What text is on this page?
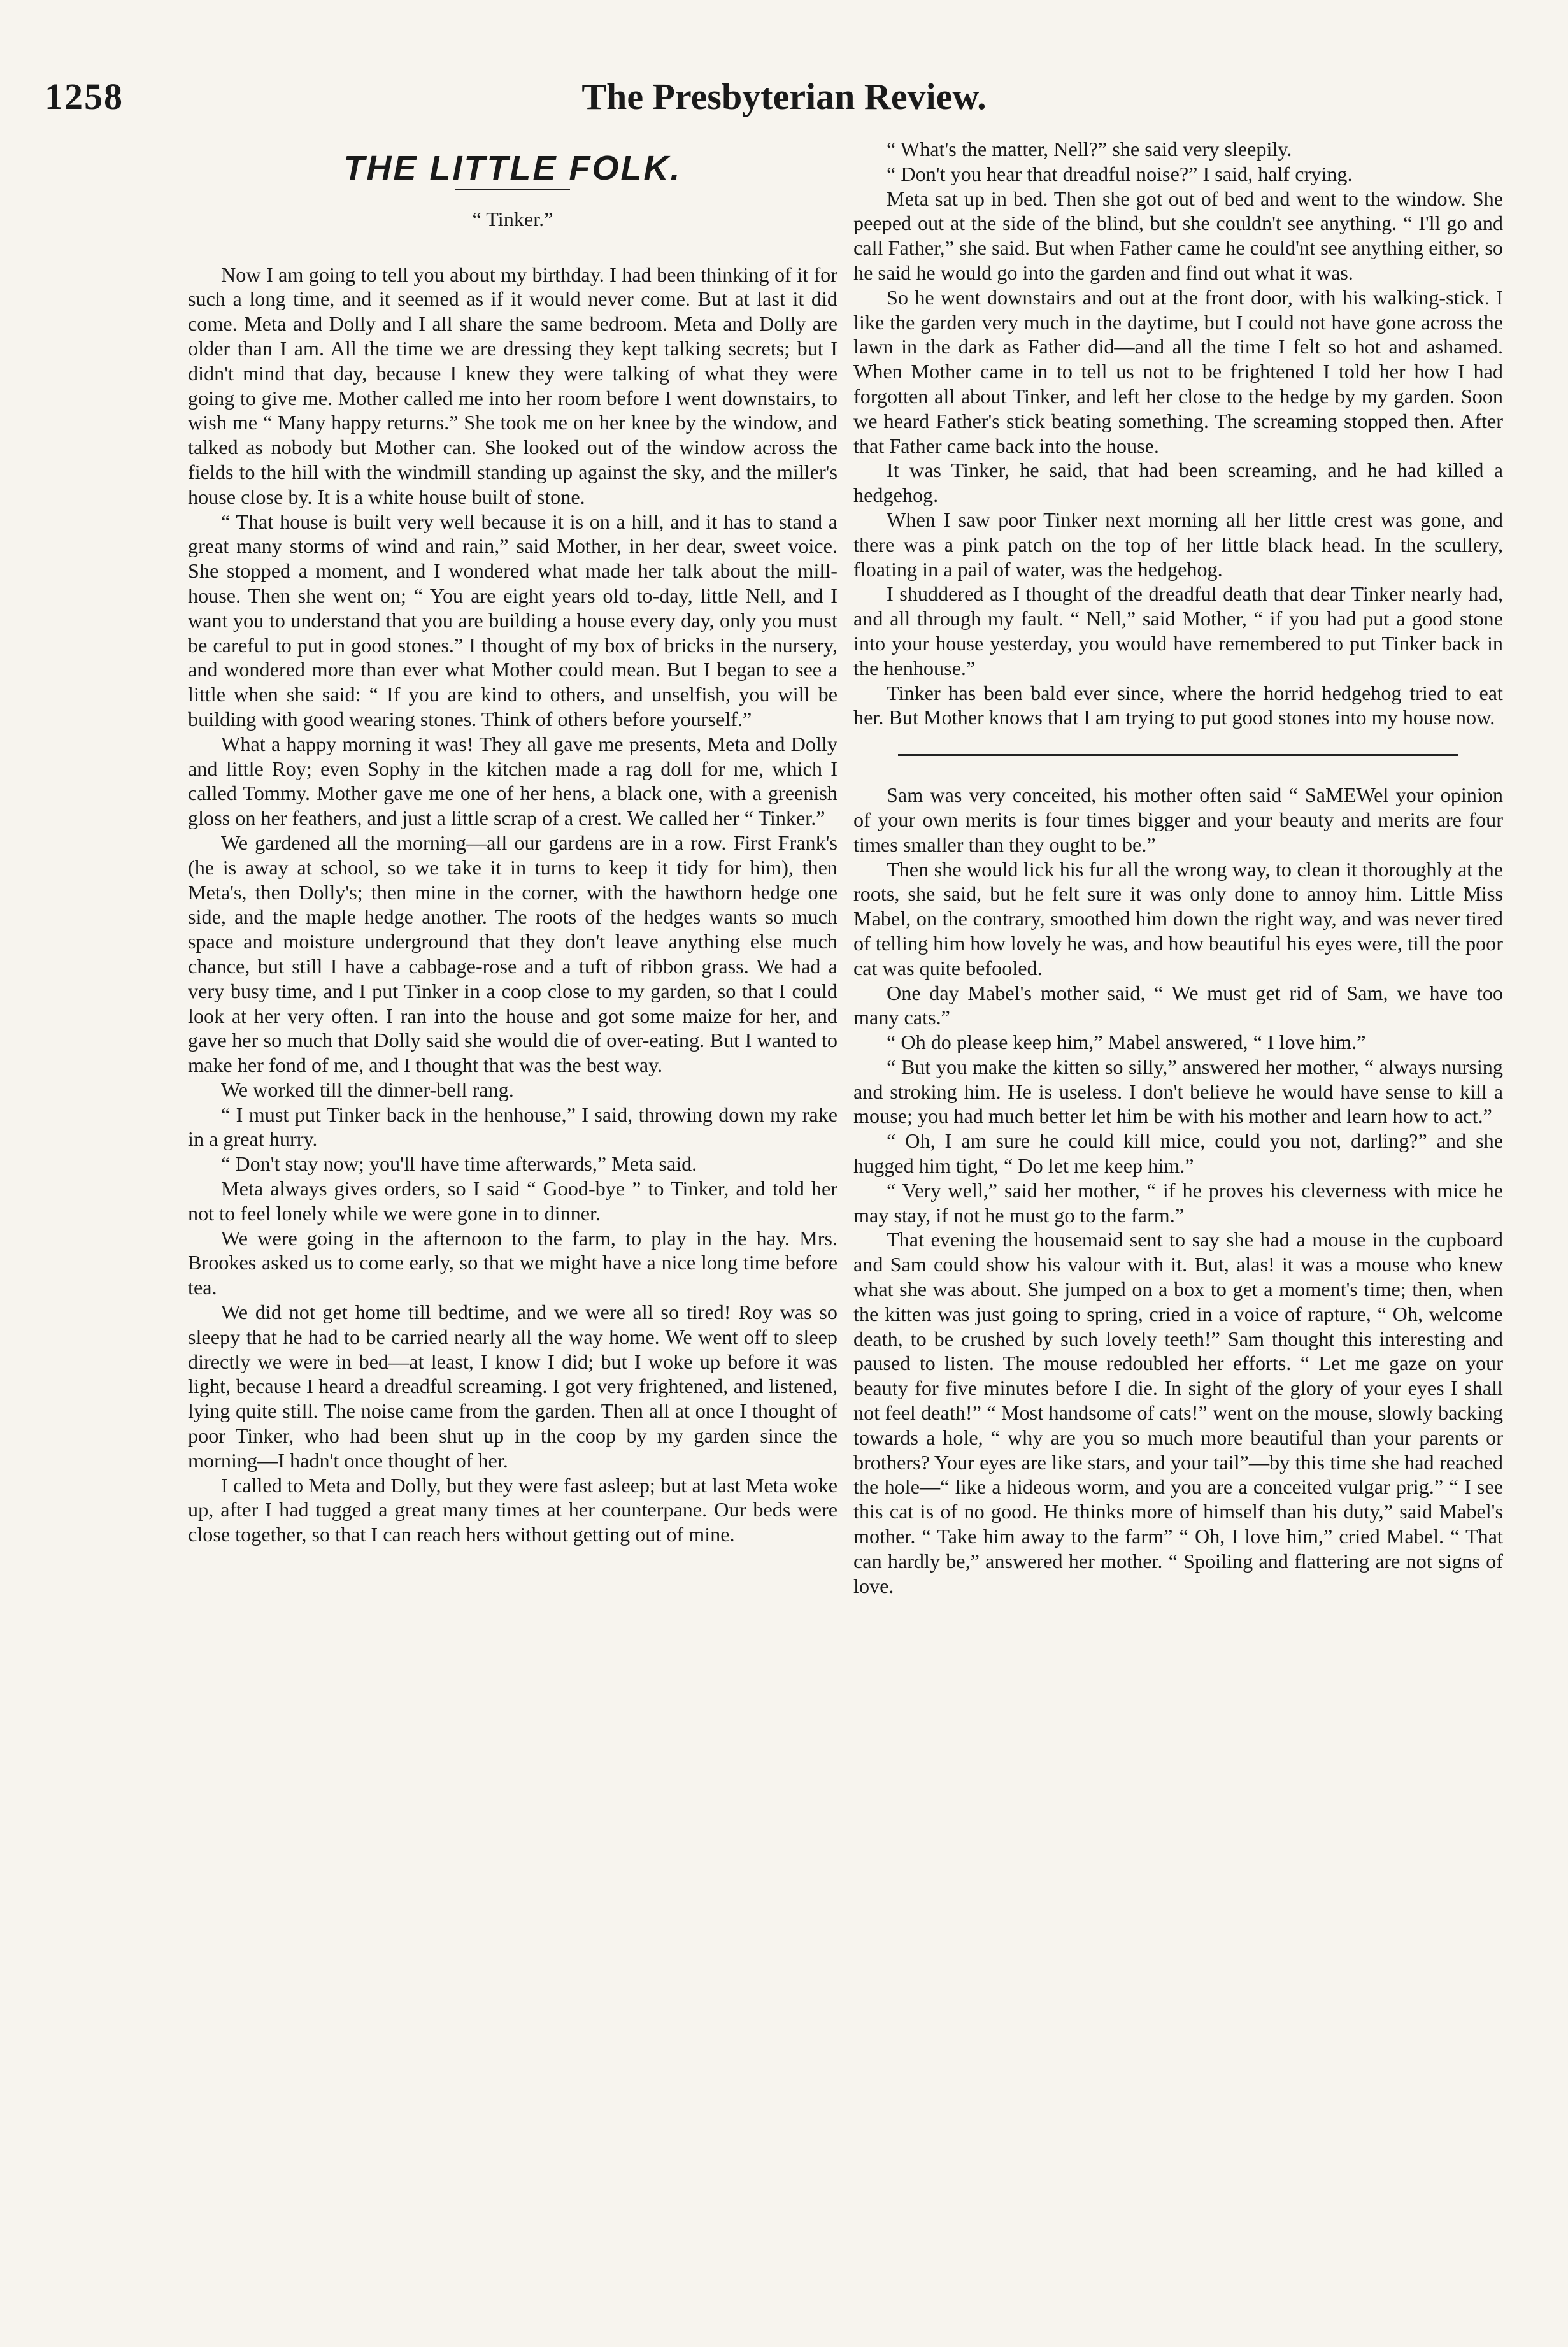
1258	The Presbyterian Review.
THE LITTLE FOLK.
“ Tinker.”

Now I am going to tell you about my birthday. I had been thinking of it for such a long time, and it seemed as if it would never come. But at last it did come. Meta and Dolly and I all share the same bedroom. Meta and Dolly are older than I am. All the time we are dressing they kept talking secrets; but I didn't mind that day, because I knew they were talking of what they were going to give me. Mother called me into her room before I went downstairs, to wish me “ Many happy returns.” She took me on her knee by the window, and talked as nobody but Mother can. She looked out of the window across the fields to the hill with the windmill standing up against the sky, and the miller's house close by. It is a white house built of stone.

“ That house is built very well because it is on a hill, and it has to stand a great many storms of wind and rain,” said Mother, in her dear, sweet voice. She stopped a moment, and I wondered what made her talk about the mill-house. Then she went on; “ You are eight years old to-day, little Nell, and I want you to understand that you are building a house every day, only you must be careful to put in good stones.” I thought of my box of bricks in the nursery, and wondered more than ever what Mother could mean. But I began to see a little when she said: “ If you are kind to others, and unselfish, you will be building with good wearing stones. Think of others before yourself.”

What a happy morning it was! They all gave me presents, Meta and Dolly and little Roy; even Sophy in the kitchen made a rag doll for me, which I called Tommy. Mother gave me one of her hens, a black one, with a greenish gloss on her feathers, and just a little scrap of a crest. We called her “ Tinker.”

We gardened all the morning—all our gardens are in a row. First Frank's (he is away at school, so we take it in turns to keep it tidy for him), then Meta's, then Dolly's; then mine in the corner, with the hawthorn hedge one side, and the maple hedge another. The roots of the hedges wants so much space and moisture underground that they don't leave anything else much chance, but still I have a cabbage-rose and a tuft of ribbon grass. We had a very busy time, and I put Tinker in a coop close to my garden, so that I could look at her very often. I ran into the house and got some maize for her, and gave her so much that Dolly said she would die of over-eating. But I wanted to make her fond of me, and I thought that was the best way.

We worked till the dinner-bell rang.

“ I must put Tinker back in the henhouse,” I said, throwing down my rake in a great hurry.

“ Don't stay now; you'll have time afterwards,” Meta said.

Meta always gives orders, so I said “ Good-bye ” to Tinker, and told her not to feel lonely while we were gone in to dinner.

We were going in the afternoon to the farm, to play in the hay. Mrs. Brookes asked us to come early, so that we might have a nice long time before tea.

We did not get home till bedtime, and we were all so tired! Roy was so sleepy that he had to be carried nearly all the way home. We went off to sleep directly we were in bed—at least, I know I did; but I woke up before it was light, because I heard a dreadful screaming. I got very frightened, and listened, lying quite still. The noise came from the garden. Then all at once I thought of poor Tinker, who had been shut up in the coop by my garden since the morning—I hadn't once thought of her.

I called to Meta and Dolly, but they were fast asleep; but at last Meta woke up, after I had tugged a great many times at her counterpane. Our beds were close together, so that I can reach hers without getting out of mine.

“ What's the matter, Nell?” she said very sleepily.

“ Don't you hear that dreadful noise?” I said, half crying.

Meta sat up in bed. Then she got out of bed and went to the window. She peeped out at the side of the blind, but she couldn't see anything. “ I'll go and call Father,” she said. But when Father came he could'nt see anything either, so he said he would go into the garden and find out what it was.

So he went downstairs and out at the front door, with his walking-stick. I like the garden very much in the daytime, but I could not have gone across the lawn in the dark as Father did—and all the time I felt so hot and ashamed. When Mother came in to tell us not to be frightened I told her how I had forgotten all about Tinker, and left her close to the hedge by my garden. Soon we heard Father's stick beating something. The screaming stopped then. After that Father came back into the house.

It was Tinker, he said, that had been screaming, and he had killed a hedgehog.

When I saw poor Tinker next morning all her little crest was gone, and there was a pink patch on the top of her little black head. In the scullery, floating in a pail of water, was the hedgehog.

I shuddered as I thought of the dreadful death that dear Tinker nearly had, and all through my fault. “ Nell,” said Mother, “ if you had put a good stone into your house yesterday, you would have remembered to put Tinker back in the henhouse.”

Tinker has been bald ever since, where the horrid hedgehog tried to eat her. But Mother knows that I am trying to put good stones into my house now.

Sam was very conceited, his mother often said “ SaMEWel your opinion of your own merits is four times bigger and your beauty and merits are four times smaller than they ought to be.”

Then she would lick his fur all the wrong way, to clean it thoroughly at the roots, she said, but he felt sure it was only done to annoy him. Little Miss Mabel, on the contrary, smoothed him down the right way, and was never tired of telling him how lovely he was, and how beautiful his eyes were, till the poor cat was quite befooled.

One day Mabel's mother said, “ We must get rid of Sam, we have too many cats.”

“ Oh do please keep him,” Mabel answered, “ I love him.”

“ But you make the kitten so silly,” answered her mother, “ always nursing and stroking him. He is useless. I don't believe he would have sense to kill a mouse; you had much better let him be with his mother and learn how to act.”

“ Oh, I am sure he could kill mice, could you not, darling?” and she hugged him tight, “ Do let me keep him.”

“ Very well,” said her mother, “ if he proves his cleverness with mice he may stay, if not he must go to the farm.”

That evening the housemaid sent to say she had a mouse in the cupboard and Sam could show his valour with it. But, alas! it was a mouse who knew what she was about. She jumped on a box to get a moment's time; then, when the kitten was just going to spring, cried in a voice of rapture, “ Oh, welcome death, to be crushed by such lovely teeth!” Sam thought this interesting and paused to listen. The mouse redoubled her efforts. “ Let me gaze on your beauty for five minutes before I die. In sight of the glory of your eyes I shall not feel death!” “ Most handsome of cats!” went on the mouse, slowly backing towards a hole, “ why are you so much more beautiful than your parents or brothers? Your eyes are like stars, and your tail”—by this time she had reached the hole—“ like a hideous worm, and you are a conceited vulgar prig.” “ I see this cat is of no good. He thinks more of himself than his duty,” said Mabel's mother. “ Take him away to the farm” “ Oh, I love him,” cried Mabel. “ That can hardly be,” answered her mother. “ Spoiling and flattering are not signs of love.
